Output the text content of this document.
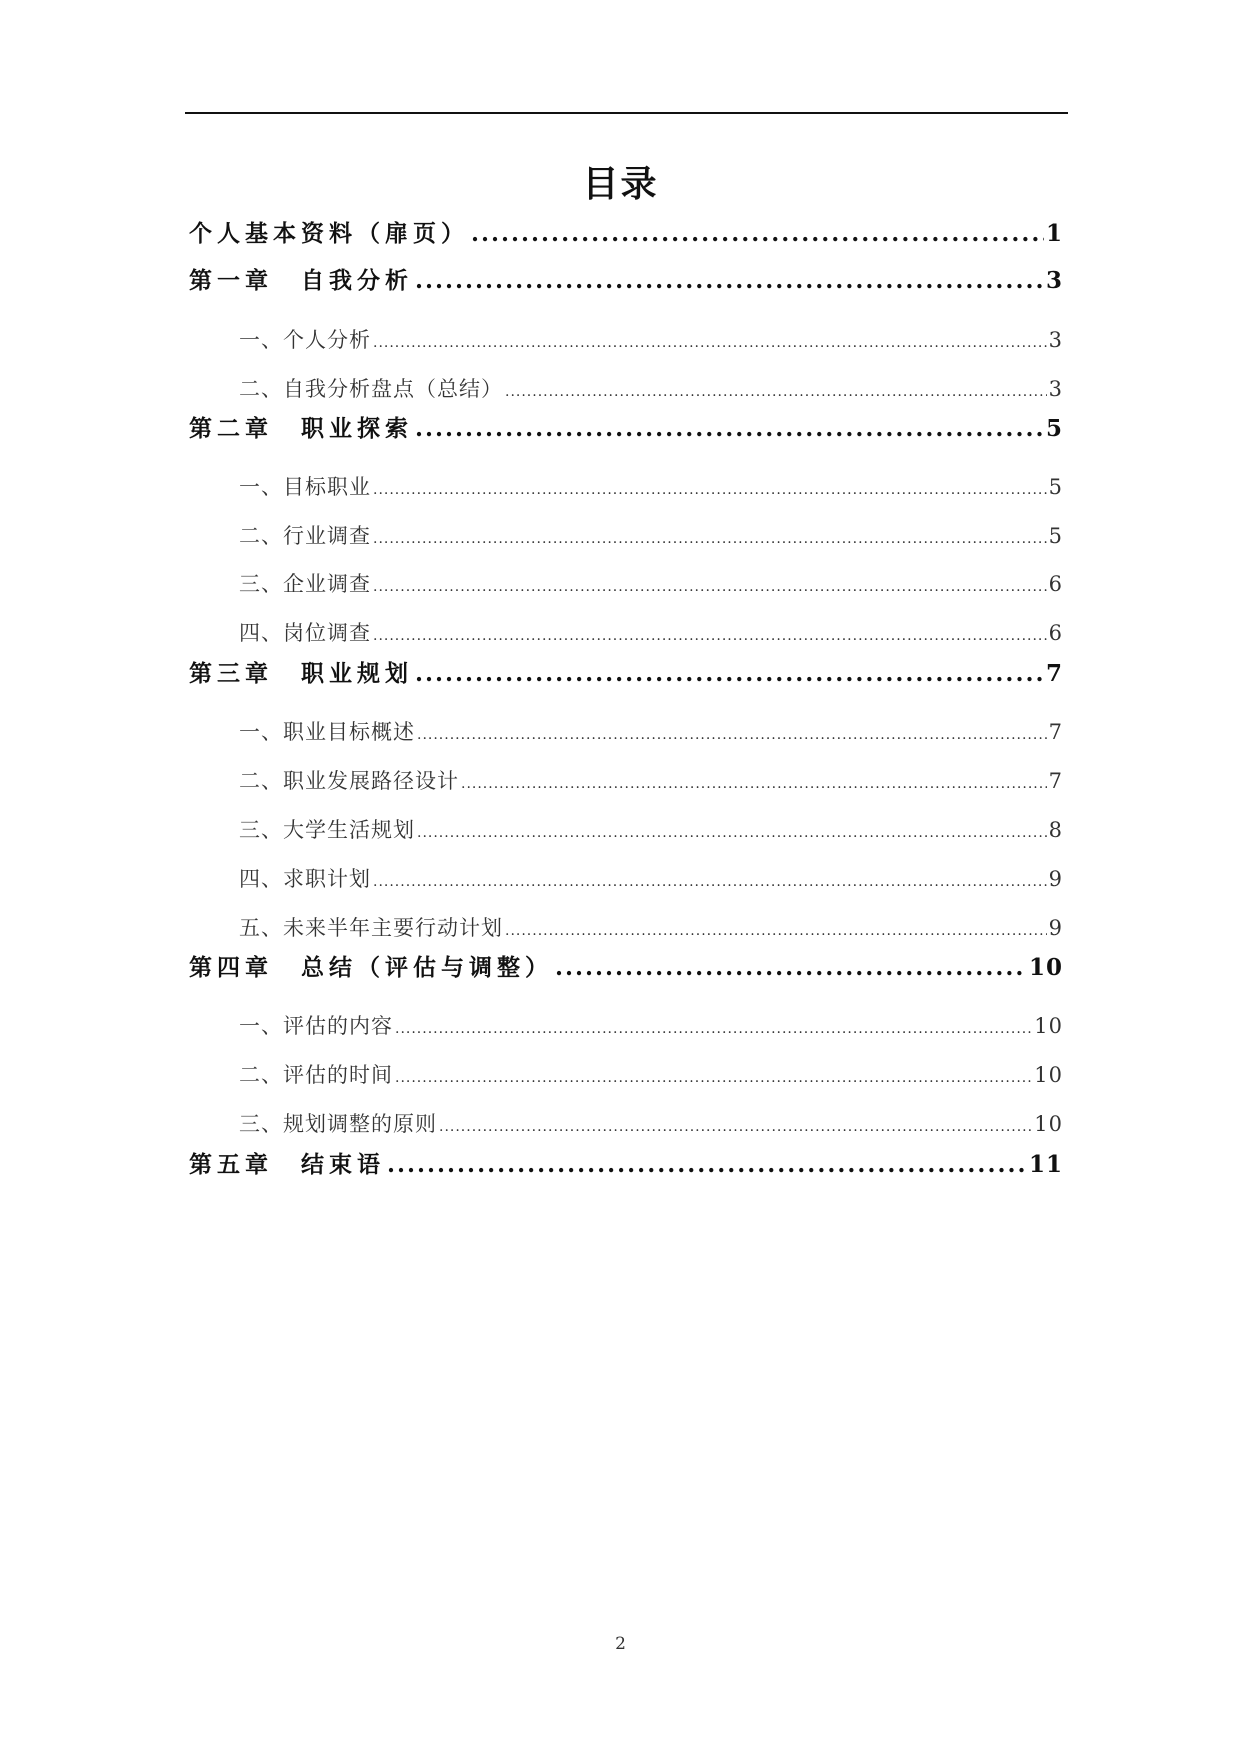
目录
个人基本资料（扉页） .....	1
第一章　自我分析 .....	3
一、个人分析 .....	3
二、自我分析盘点（总结） .....	3
第二章　职业探索 .....	5
一、目标职业 .....	5
二、行业调查 .....	5
三、企业调查 .....	6
四、岗位调查 .....	6
第三章　职业规划 .....	7
一、职业目标概述 .....	7
二、职业发展路径设计 .....	7
三、大学生活规划 .....	8
四、求职计划 .....	9
五、未来半年主要行动计划 .....	9
第四章　总结（评估与调整） .....	10
一、评估的内容 .....	10
二、评估的时间 .....	10
三、规划调整的原则 .....	10
第五章　结束语 .....	11
2
